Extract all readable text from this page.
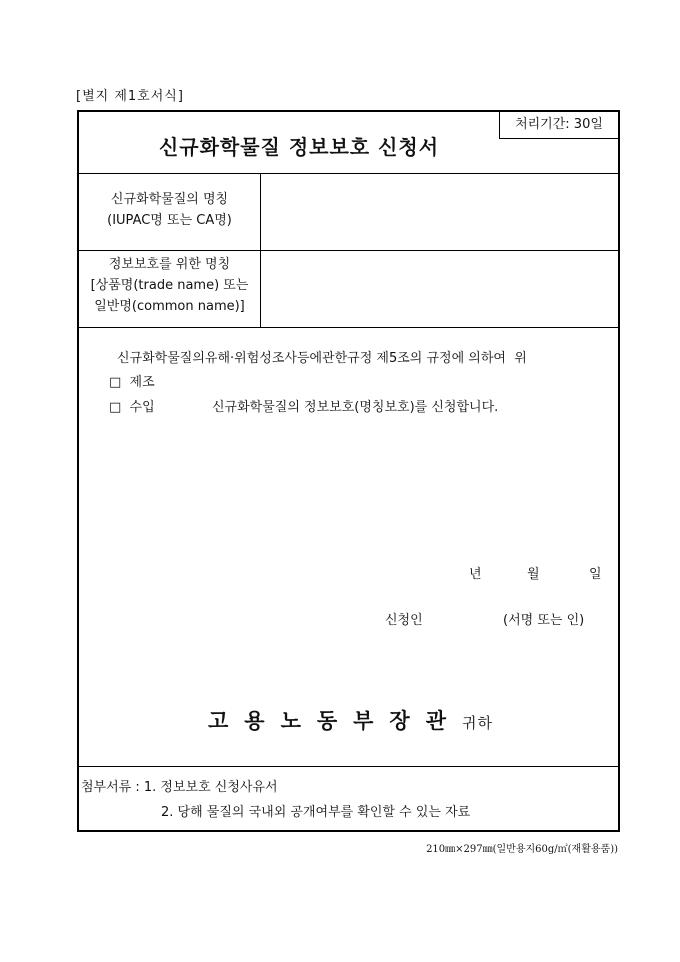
[별지 제1호서식]
신규화학물질 정보보호 신청서
처리기간: 30일
신규화학물질의 명칭
(IUPAC명 또는 CA명)
정보보호를 위한 명칭
[상품명(trade name) 또는
일반명(common name)]
신규화학물질의유해·위험성조사등에관한규정 제5조의 규정에 의하여  위
□  제조
□  수입	신규화학물질의 정보보호(명칭보호)를 신청합니다.
년	월	일
신청인	(서명 또는 인)
고용노동부장관귀하
첨부서류 : 1. 정보보호 신청사유서
2. 당해 물질의 국내외 공개여부를 확인할 수 있는 자료
210㎜×297㎜(일반용지60g/㎡(재활용품))
